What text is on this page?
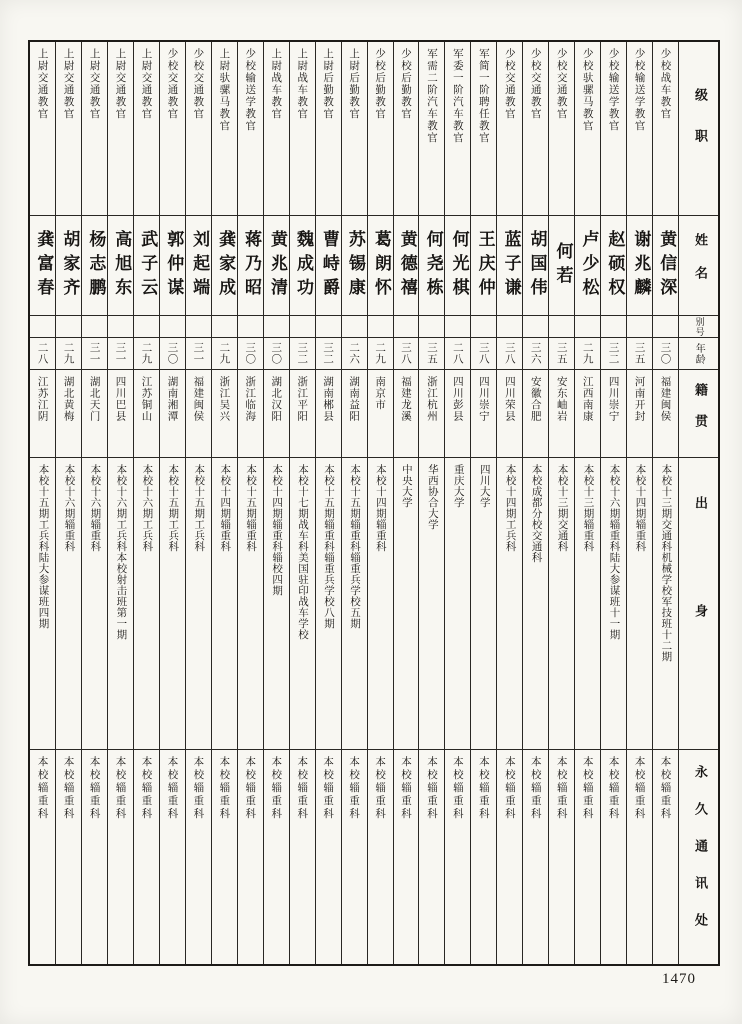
级职
姓名
别号
年龄
籍贯
出身
永久通讯处
少校战车教官
黄信深
三〇
福建闽侯
本校十三期交通科机械学校军技班十二期
本校辎重科
少校输送学教官
谢兆麟
三五
河南开封
本校十四期辎重科
本校辎重科
少校输送学教官
赵硕权
三二
四川崇宁
本校十六期辎重科陆大参谋班十一期
本校辎重科
少校驮骡马教官
卢少松
二九
江西南康
本校十三期辎重科
本校辎重科
少校交通教官
何若
三五
安东岫岩
本校十三期交通科
本校辎重科
少校交通教官
胡国伟
三六
安徽合肥
本校成都分校交通科
本校辎重科
少校交通教官
蓝子谦
三八
四川荣县
本校十四期工兵科
本校辎重科
军简一阶聘任教官
王庆仲
三八
四川崇宁
四川大学
本校辎重科
军委一阶汽车教官
何光棋
二八
四川彭县
重庆大学
本校辎重科
军需二阶汽车教官
何尧栋
三五
浙江杭州
华西协合大学
本校辎重科
少校后勤教官
黄德禧
三八
福建龙溪
中央大学
本校辎重科
少校后勤教官
葛朗怀
二九
南京市
本校十四期辎重科
本校辎重科
上尉后勤教官
苏锡康
二六
湖南益阳
本校十五期辎重科辎重兵学校五期
本校辎重科
上尉后勤教官
曹峙爵
三二
湖南郴县
本校十五期辎重科辎重兵学校八期
本校辎重科
上尉战车教官
魏成功
三二
浙江平阳
本校十七期战车科美国驻印战车学校
本校辎重科
上尉战车教官
黄兆清
三〇
湖北汉阳
本校十四期辎重科辎校四期
本校辎重科
少校输送学教官
蒋乃昭
三〇
浙江临海
本校十五期辎重科
本校辎重科
上尉驮骡马教官
龚家成
二九
浙江吴兴
本校十四期辎重科
本校辎重科
少校交通教官
刘起端
三一
福建闽侯
本校十五期工兵科
本校辎重科
少校交通教官
郭仲谋
三〇
湖南湘潭
本校十五期工兵科
本校辎重科
上尉交通教官
武子云
二九
江苏铜山
本校十六期工兵科
本校辎重科
上尉交通教官
高旭东
三一
四川巴县
本校十六期工兵科本校射击班第一期
本校辎重科
上尉交通教官
杨志鹏
三一
湖北天门
本校十六期辎重科
本校辎重科
上尉交通教官
胡家齐
二九
湖北黄梅
本校十六期辎重科
本校辎重科
上尉交通教官
龚富春
二八
江苏江阴
本校十五期工兵科陆大参谋班四期
本校辎重科
1470
